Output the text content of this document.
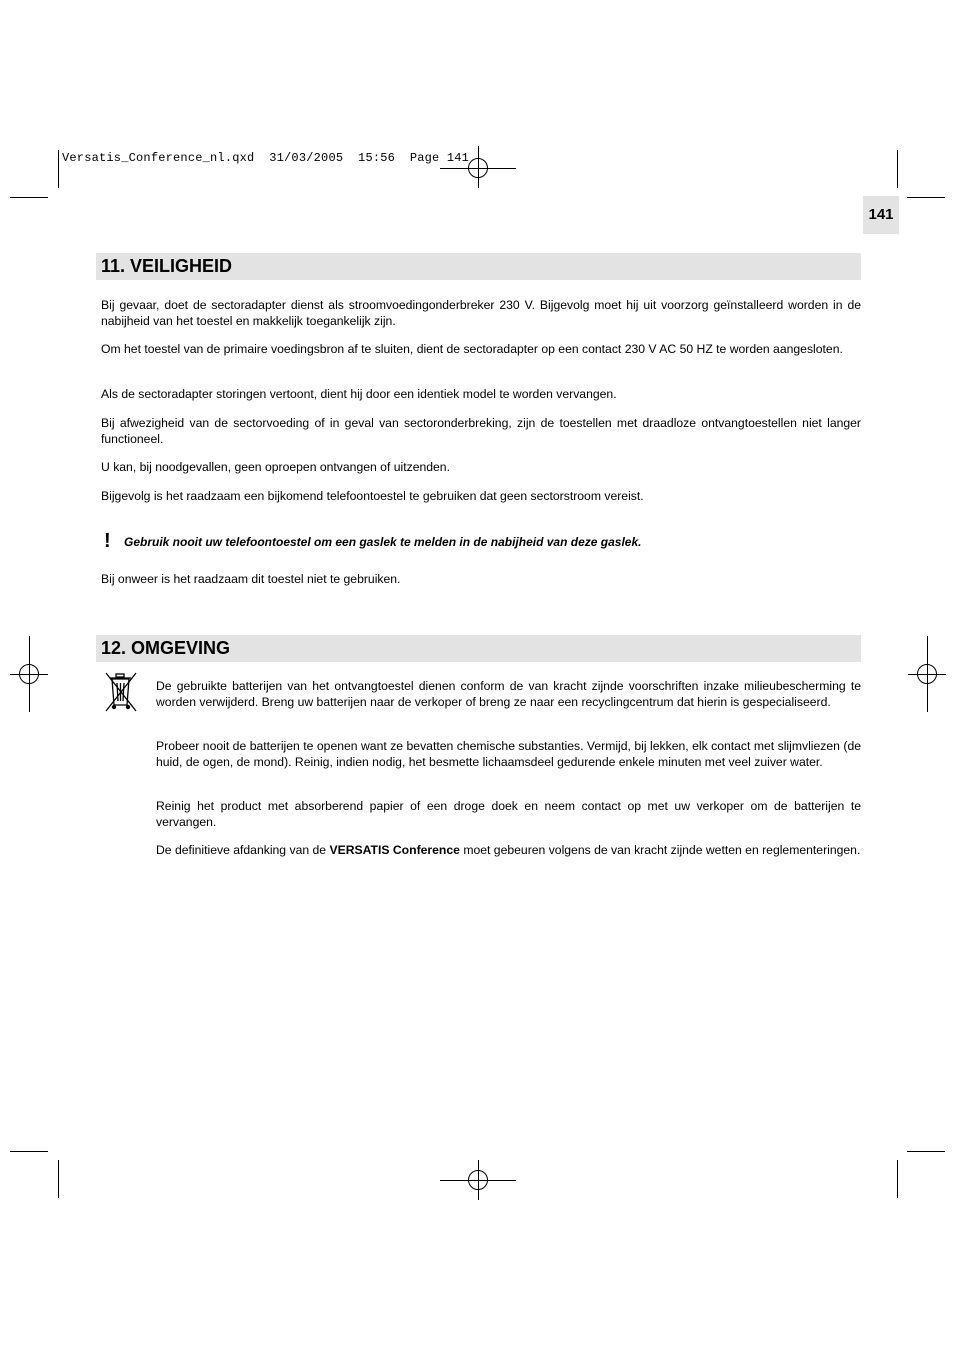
Versatis_Conference_nl.qxd  31/03/2005  15:56  Page 141
141
11. VEILIGHEID
Bij gevaar, doet de sectoradapter dienst als stroomvoedingonderbreker 230 V. Bijgevolg moet hij uit voorzorg geïnstalleerd worden in de nabijheid van het toestel en makkelijk toegankelijk zijn.
Om het toestel van de primaire voedingsbron af te sluiten, dient de sectoradapter op een contact 230 V AC 50 HZ te worden aangesloten.
Als de sectoradapter storingen vertoont, dient hij door een identiek model te worden vervangen.
Bij afwezigheid van de sectorvoeding of in geval van sectoronderbreking, zijn de toestellen met draadloze ontvangtoestellen niet langer functioneel.
U kan, bij noodgevallen, geen oproepen ontvangen of uitzenden.
Bijgevolg is het raadzaam een bijkomend telefoontoestel te gebruiken dat geen sectorstroom vereist.
! Gebruik nooit uw telefoontoestel om een gaslek te melden in de nabijheid van deze gaslek.
Bij onweer is het raadzaam dit toestel niet te gebruiken.
12. OMGEVING
De gebruikte batterijen van het ontvangtoestel dienen conform de van kracht zijnde voorschriften inzake milieubescherming te worden verwijderd. Breng uw batterijen naar de verkoper of breng ze naar een recyclingcentrum dat hierin is gespecialiseerd.
Probeer nooit de batterijen te openen want ze bevatten chemische substanties. Vermijd, bij lekken, elk contact met slijmvliezen (de huid, de ogen, de mond). Reinig, indien nodig, het besmette lichaamsdeel gedurende enkele minuten met veel zuiver water.
Reinig het product met absorberend papier of een droge doek en neem contact op met uw verkoper om de batterijen te vervangen.
De definitieve afdanking van de VERSATIS Conference moet gebeuren volgens de van kracht zijnde wetten en reglementeringen.
